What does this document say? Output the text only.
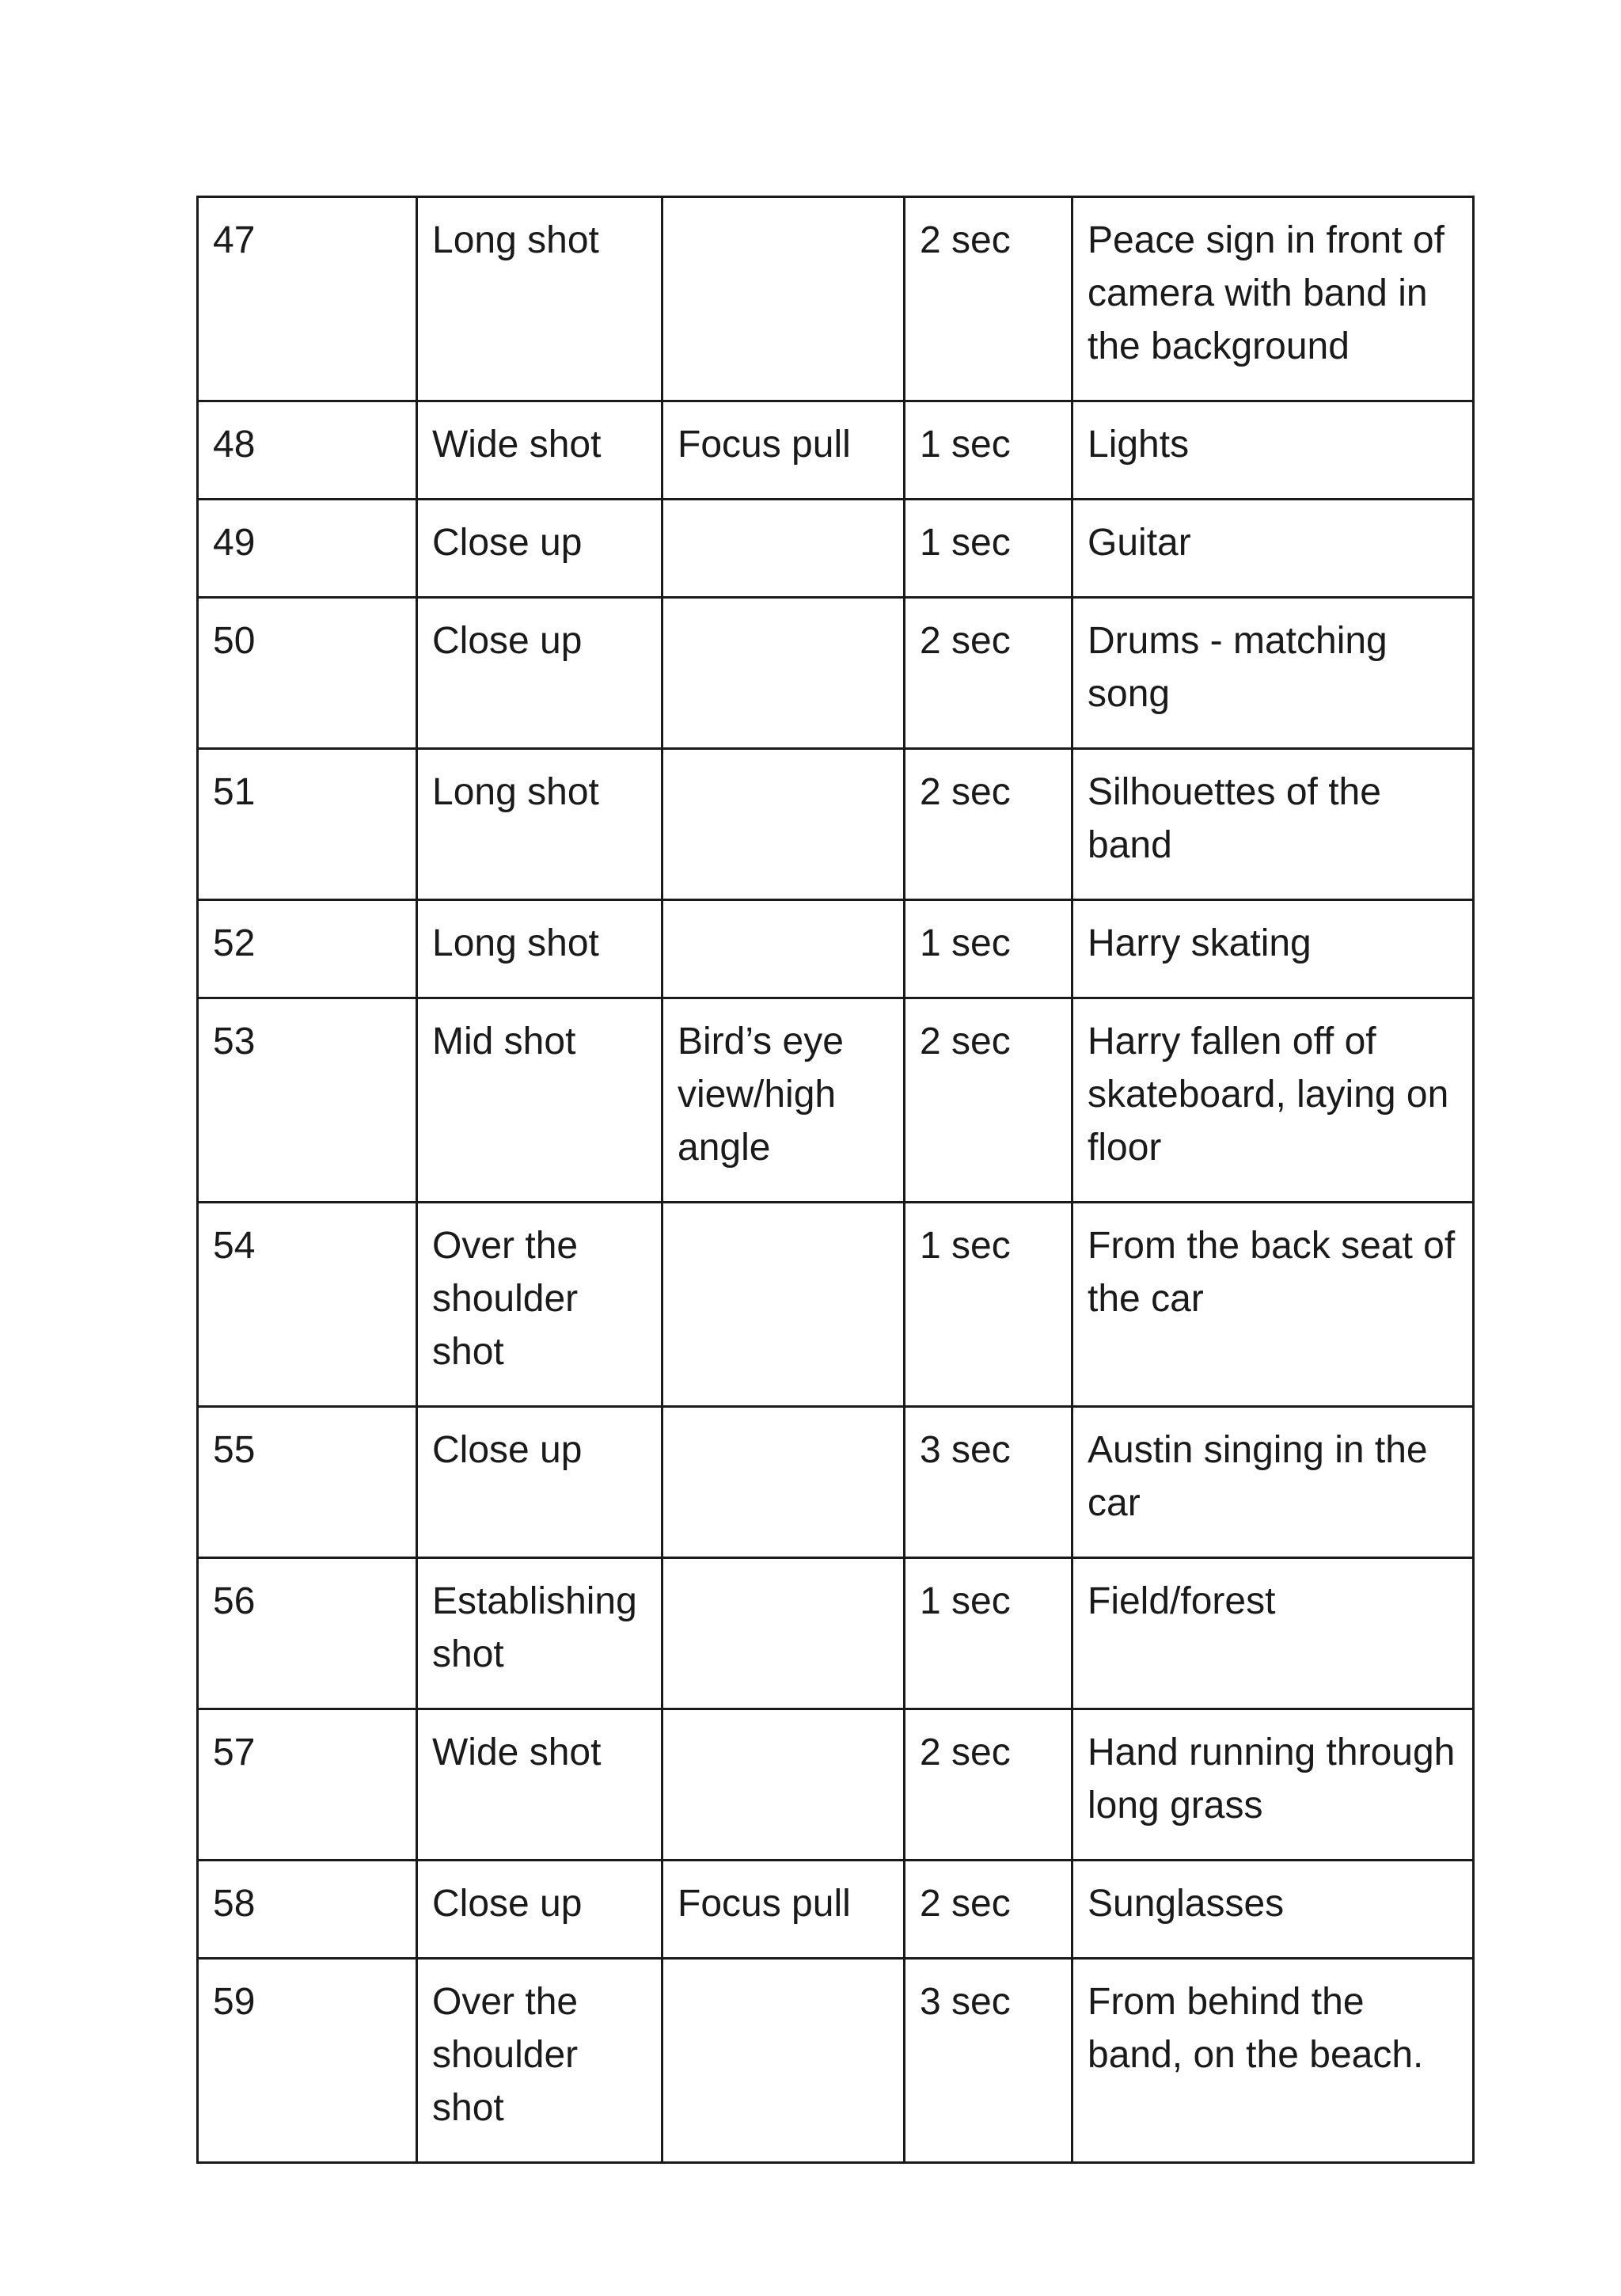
47	Long shot		2 sec	Peace sign in front of camera with band in the background
48	Wide shot	Focus pull	1 sec	Lights
49	Close up		1 sec	Guitar
50	Close up		2 sec	Drums - matching song
51	Long shot		2 sec	Silhouettes of the band
52	Long shot		1 sec	Harry skating
53	Mid shot	Bird’s eye view/high angle	2 sec	Harry fallen off of skateboard, laying on floor
54	Over the shoulder shot		1 sec	From the back seat of the car
55	Close up		3 sec	Austin singing in the car
56	Establishing shot		1 sec	Field/forest
57	Wide shot		2 sec	Hand running through long grass
58	Close up	Focus pull	2 sec	Sunglasses
59	Over the shoulder shot		3 sec	From behind the band, on the beach.
